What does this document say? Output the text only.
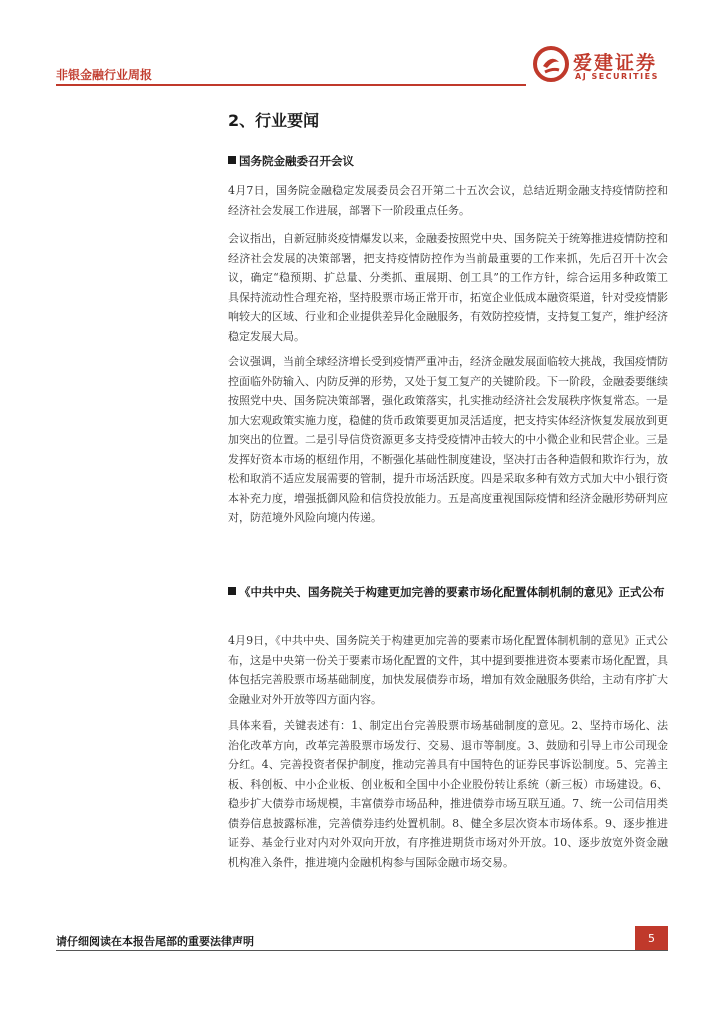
非银金融行业周报
爱建证券
AJ SECURITIES
2、行业要闻
国务院金融委召开会议

4月7日，国务院金融稳定发展委员会召开第二十五次会议，总结近期金融支持疫情防控和经济社会发展工作进展，部署下一阶段重点任务。

会议指出，自新冠肺炎疫情爆发以来，金融委按照党中央、国务院关于统筹推进疫情防控和经济社会发展的决策部署，把支持疫情防控作为当前最重要的工作来抓，先后召开十次会议，确定“稳预期、扩总量、分类抓、重展期、创工具”的工作方针，综合运用多种政策工具保持流动性合理充裕，坚持股票市场正常开市，拓宽企业低成本融资渠道，针对受疫情影响较大的区域、行业和企业提供差异化金融服务，有效防控疫情，支持复工复产，维护经济稳定发展大局。

会议强调，当前全球经济增长受到疫情严重冲击，经济金融发展面临较大挑战，我国疫情防控面临外防输入、内防反弹的形势，又处于复工复产的关键阶段。下一阶段，金融委要继续按照党中央、国务院决策部署，强化政策落实，扎实推动经济社会发展秩序恢复常态。一是加大宏观政策实施力度，稳健的货币政策要更加灵活适度，把支持实体经济恢复发展放到更加突出的位置。二是引导信贷资源更多支持受疫情冲击较大的中小微企业和民营企业。三是发挥好资本市场的枢纽作用，不断强化基础性制度建设，坚决打击各种造假和欺诈行为，放松和取消不适应发展需要的管制，提升市场活跃度。四是采取多种有效方式加大中小银行资本补充力度，增强抵御风险和信贷投放能力。五是高度重视国际疫情和经济金融形势研判应对，防范境外风险向境内传递。

《中共中央、国务院关于构建更加完善的要素市场化配置体制机制的意见》正式公布

4月9日，《中共中央、国务院关于构建更加完善的要素市场化配置体制机制的意见》正式公布，这是中央第一份关于要素市场化配置的文件，其中提到要推进资本要素市场化配置，具体包括完善股票市场基础制度，加快发展债券市场，增加有效金融服务供给，主动有序扩大金融业对外开放等四方面内容。

具体来看，关键表述有：1、制定出台完善股票市场基础制度的意见。2、坚持市场化、法治化改革方向，改革完善股票市场发行、交易、退市等制度。3、鼓励和引导上市公司现金分红。4、完善投资者保护制度，推动完善具有中国特色的证券民事诉讼制度。5、完善主板、科创板、中小企业板、创业板和全国中小企业股份转让系统（新三板）市场建设。6、稳步扩大债券市场规模，丰富债券市场品种，推进债券市场互联互通。7、统一公司信用类债券信息披露标准，完善债券违约处置机制。8、健全多层次资本市场体系。9、逐步推进证券、基金行业对内对外双向开放，有序推进期货市场对外开放。10、逐步放宽外资金融机构准入条件，推进境内金融机构参与国际金融市场交易。

请仔细阅读在本报告尾部的重要法律声明	5
